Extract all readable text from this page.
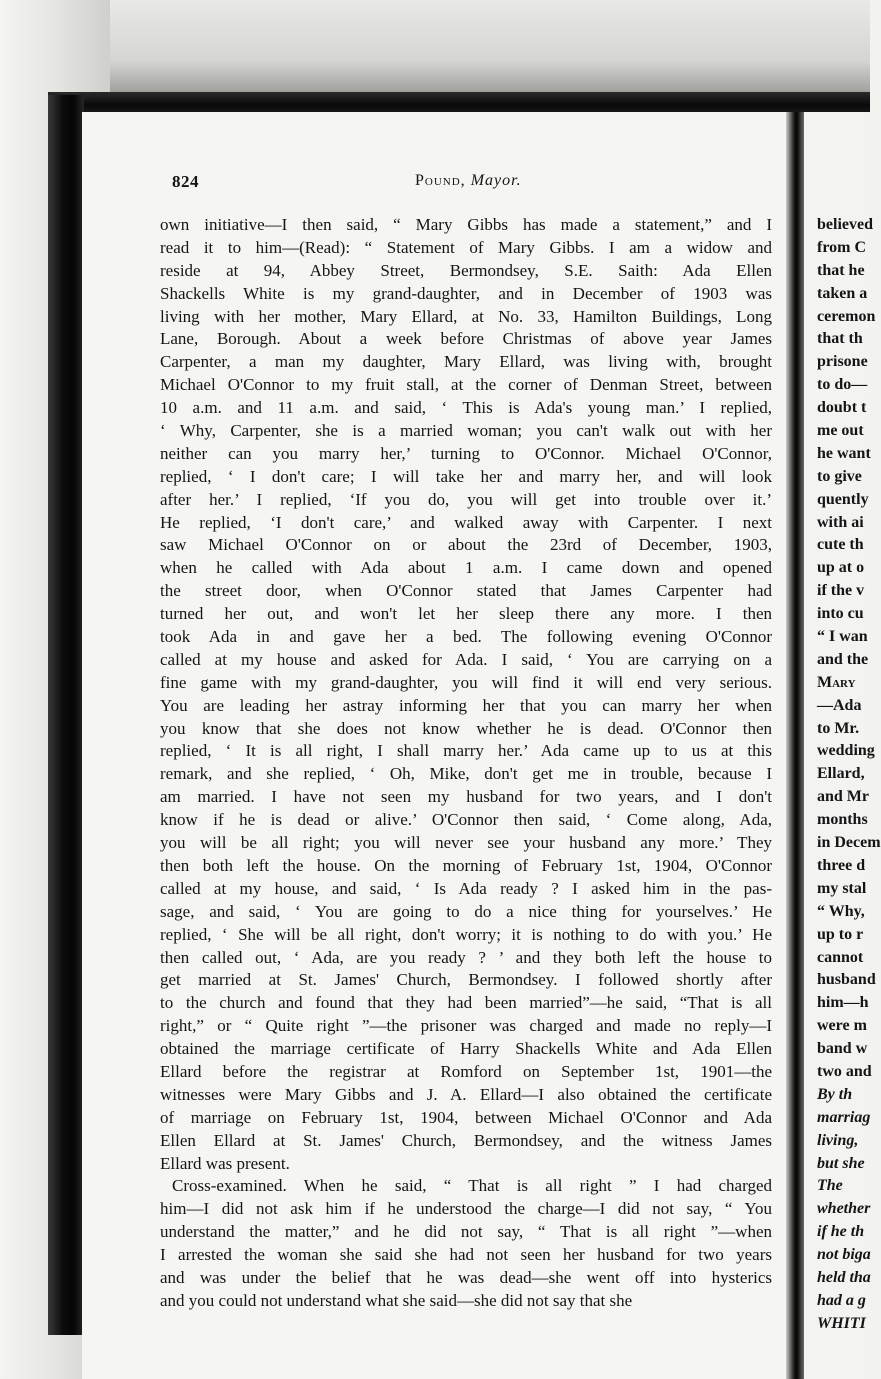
824	Pound, Mayor.
own initiative—I then said, “ Mary Gibbs has made a statement,” and I
read it to him—(Read): “ Statement of Mary Gibbs. I am a widow and
reside at 94, Abbey Street, Bermondsey, S.E. Saith: Ada Ellen
Shackells White is my grand-daughter, and in December of 1903 was
living with her mother, Mary Ellard, at No. 33, Hamilton Buildings, Long
Lane, Borough. About a week before Christmas of above year James
Carpenter, a man my daughter, Mary Ellard, was living with, brought
Michael O'Connor to my fruit stall, at the corner of Denman Street, between
10 a.m. and 11 a.m. and said, ‘ This is Ada's young man.’ I replied,
‘ Why, Carpenter, she is a married woman; you can't walk out with her
neither can you marry her,’ turning to O'Connor. Michael O'Connor,
replied, ‘ I don't care; I will take her and marry her, and will look
after her.’ I replied, ‘If you do, you will get into trouble over it.’
He replied, ‘I don't care,’ and walked away with Carpenter. I next
saw Michael O'Connor on or about the 23rd of December, 1903,
when he called with Ada about 1 a.m. I came down and opened
the street door, when O'Connor stated that James Carpenter had
turned her out, and won't let her sleep there any more. I then
took Ada in and gave her a bed. The following evening O'Connor
called at my house and asked for Ada. I said, ‘ You are carrying on a
fine game with my grand-daughter, you will find it will end very serious.
You are leading her astray informing her that you can marry her when
you know that she does not know whether he is dead. O'Connor then
replied, ‘ It is all right, I shall marry her.’ Ada came up to us at this
remark, and she replied, ‘ Oh, Mike, don't get me in trouble, because I
am married. I have not seen my husband for two years, and I don't
know if he is dead or alive.’ O'Connor then said, ‘ Come along, Ada,
you will be all right; you will never see your husband any more.’ They
then both left the house. On the morning of February 1st, 1904, O'Connor
called at my house, and said, ‘ Is Ada ready ? I asked him in the pas-
sage, and said, ‘ You are going to do a nice thing for yourselves.’ He
replied, ‘ She will be all right, don't worry; it is nothing to do with you.’ He
then called out, ‘ Ada, are you ready ? ’ and they both left the house to
get married at St. James' Church, Bermondsey. I followed shortly after
to the church and found that they had been married”—he said, “That is all
right,” or “ Quite right ”—the prisoner was charged and made no reply—I
obtained the marriage certificate of Harry Shackells White and Ada Ellen
Ellard before the registrar at Romford on September 1st, 1901—the
witnesses were Mary Gibbs and J. A. Ellard—I also obtained the certificate
of marriage on February 1st, 1904, between Michael O'Connor and Ada
Ellen Ellard at St. James' Church, Bermondsey, and the witness James
Ellard was present.
Cross-examined. When he said, “ That is all right ” I had charged
him—I did not ask him if he understood the charge—I did not say, “ You
understand the matter,” and he did not say, “ That is all right ”—when
I arrested the woman she said she had not seen her husband for two years
and was under the belief that he was dead—she went off into hysterics
and you could not understand what she said—she did not say that she
believed
from C
that he
taken a
ceremon
that th
prisone
to do—
doubt t
me out
he want
to give
quently
with ai
cute th
up at o
if the v
into cu
“ I wan
and the
Mary
—Ada
to Mr.
wedding
Ellard,
and Mr
months
in Decem
three d
my stal
“ Why,
up to r
cannot
husband
him—h
were m
band w
two and
By th
marriag
living,
but she
The
whether
if he th
not biga
held tha
had a g
WHITI
